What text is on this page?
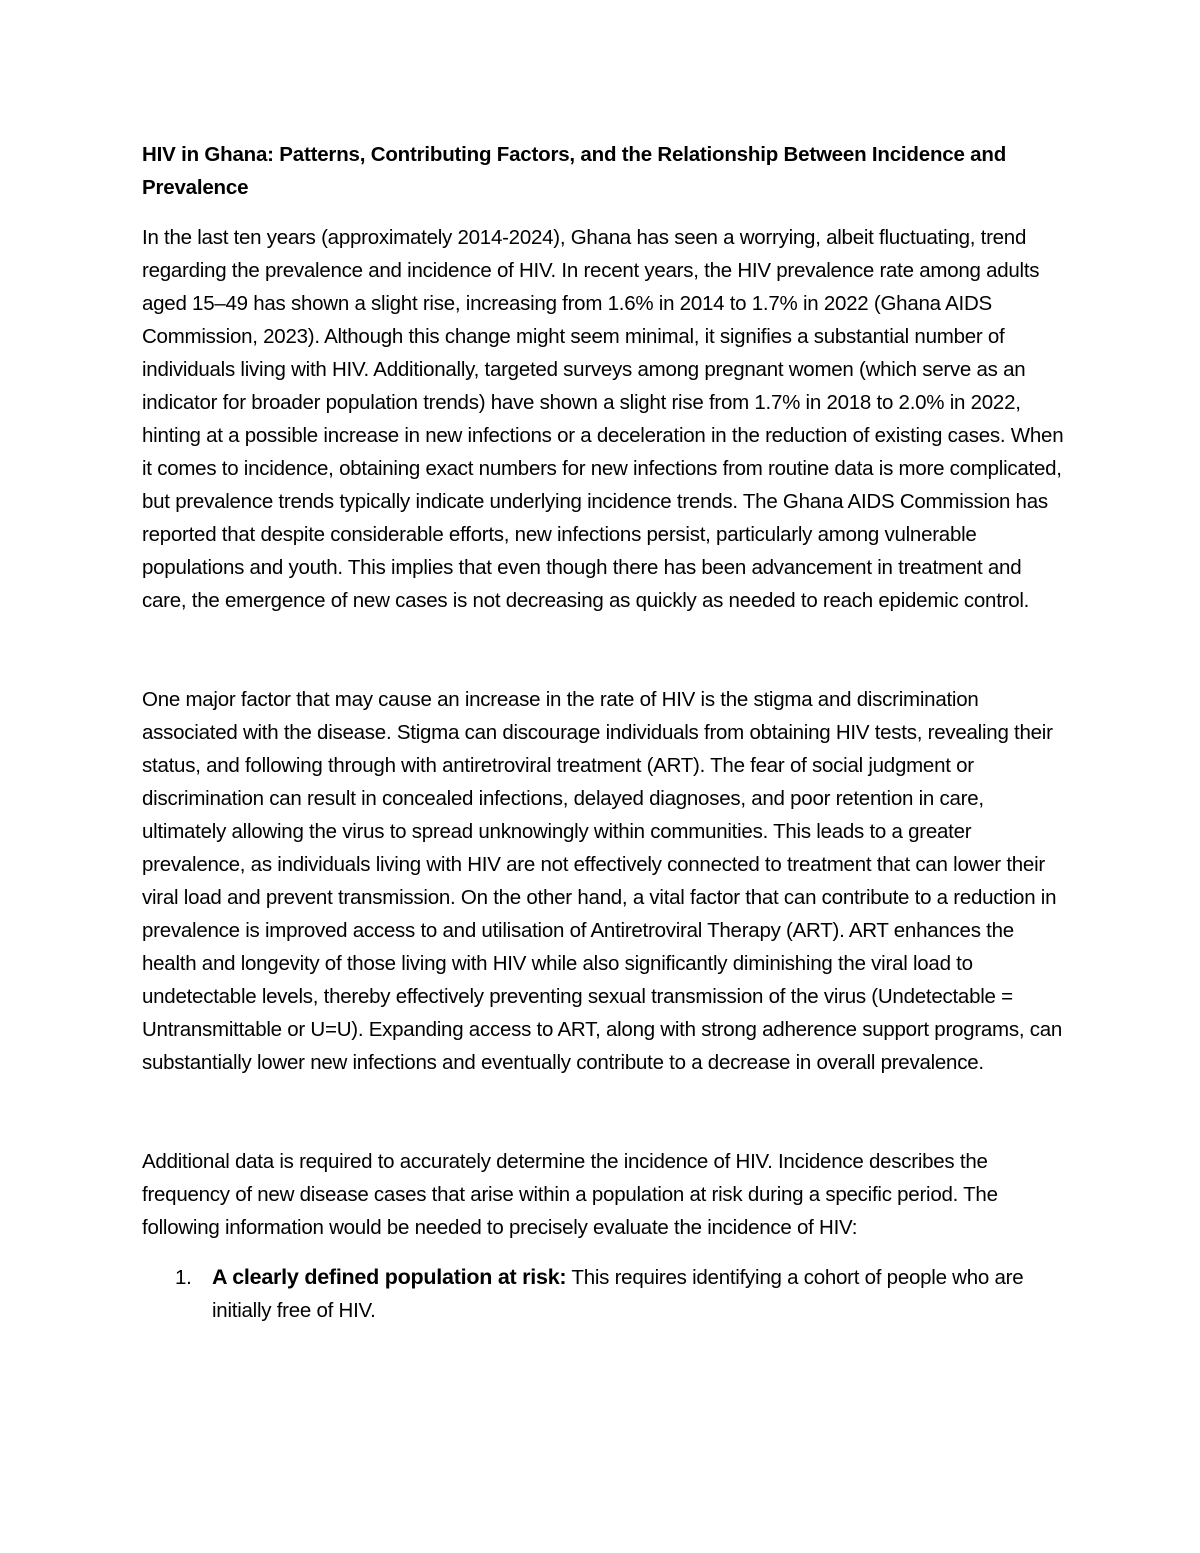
HIV in Ghana: Patterns, Contributing Factors, and the Relationship Between Incidence and Prevalence

In the last ten years (approximately 2014-2024), Ghana has seen a worrying, albeit fluctuating, trend regarding the prevalence and incidence of HIV. In recent years, the HIV prevalence rate among adults aged 15–49 has shown a slight rise, increasing from 1.6% in 2014 to 1.7% in 2022 (Ghana AIDS Commission, 2023). Although this change might seem minimal, it signifies a substantial number of individuals living with HIV. Additionally, targeted surveys among pregnant women (which serve as an indicator for broader population trends) have shown a slight rise from 1.7% in 2018 to 2.0% in 2022, hinting at a possible increase in new infections or a deceleration in the reduction of existing cases. When it comes to incidence, obtaining exact numbers for new infections from routine data is more complicated, but prevalence trends typically indicate underlying incidence trends. The Ghana AIDS Commission has reported that despite considerable efforts, new infections persist, particularly among vulnerable populations and youth. This implies that even though there has been advancement in treatment and care, the emergence of new cases is not decreasing as quickly as needed to reach epidemic control.

One major factor that may cause an increase in the rate of HIV is the stigma and discrimination associated with the disease. Stigma can discourage individuals from obtaining HIV tests, revealing their status, and following through with antiretroviral treatment (ART). The fear of social judgment or discrimination can result in concealed infections, delayed diagnoses, and poor retention in care, ultimately allowing the virus to spread unknowingly within communities. This leads to a greater prevalence, as individuals living with HIV are not effectively connected to treatment that can lower their viral load and prevent transmission. On the other hand, a vital factor that can contribute to a reduction in prevalence is improved access to and utilisation of Antiretroviral Therapy (ART). ART enhances the health and longevity of those living with HIV while also significantly diminishing the viral load to undetectable levels, thereby effectively preventing sexual transmission of the virus (Undetectable = Untransmittable or U=U). Expanding access to ART, along with strong adherence support programs, can substantially lower new infections and eventually contribute to a decrease in overall prevalence.

Additional data is required to accurately determine the incidence of HIV. Incidence describes the frequency of new disease cases that arise within a population at risk during a specific period. The following information would be needed to precisely evaluate the incidence of HIV:

1. A clearly defined population at risk: This requires identifying a cohort of people who are initially free of HIV.
